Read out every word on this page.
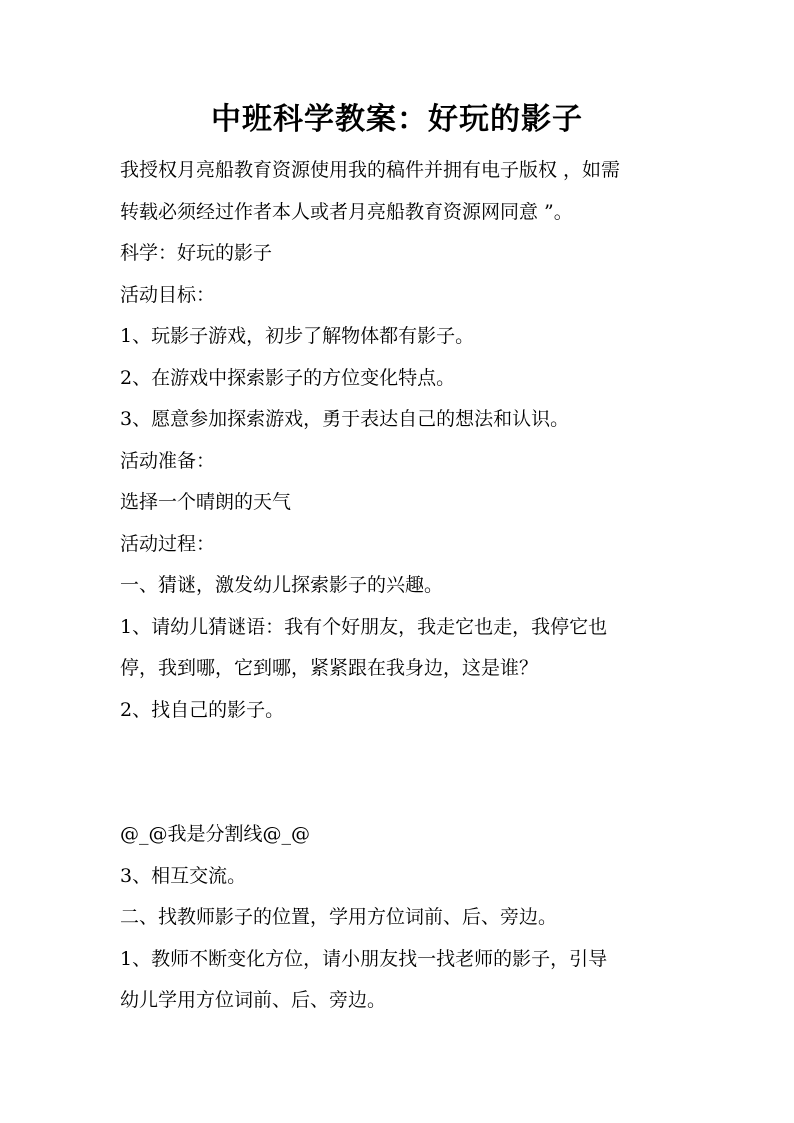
中班科学教案：好玩的影子
我授权月亮船教育资源使用我的稿件并拥有电子版权 ，如需
转载必须经过作者本人或者月亮船教育资源网同意 ”。
科学：好玩的影子
活动目标：
1、玩影子游戏，初步了解物体都有影子。
2、在游戏中探索影子的方位变化特点。
3、愿意参加探索游戏，勇于表达自己的想法和认识。
活动准备：
选择一个晴朗的天气
活动过程：
一、猜谜，激发幼儿探索影子的兴趣。
1、请幼儿猜谜语：我有个好朋友，我走它也走，我停它也
停，我到哪，它到哪，紧紧跟在我身边，这是谁？
2、找自己的影子。
@_@我是分割线@_@
3、相互交流。
二、找教师影子的位置，学用方位词前、后、旁边。
1、教师不断变化方位，请小朋友找一找老师的影子，引导
幼儿学用方位词前、后、旁边。
